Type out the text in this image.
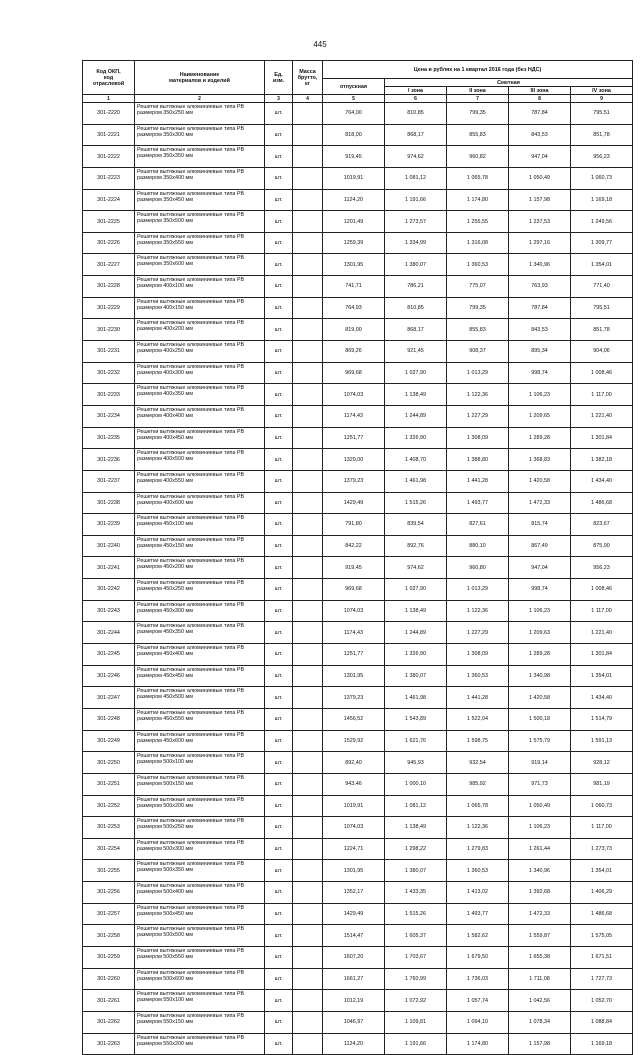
445
Код ОКП,
код
отраслевой	Наименование
материалов и изделий	Ед.
изм.	Масса
брутто,
кг	Цена в рублях на 1 квартал 2016 года (без НДС)				
				отпускная	Сметная			
					I зона	II зона	III зона	IV зона
1	2	3	4	5	6	7	8	9
301-2220	Решетки вытяжные алюминиевые типа РВ размером 350х250 мм	шт.		764,00	810,85	799,35	787,84	795,51
301-2221	Решетки вытяжные алюминиевые типа РВ размером 350х300 мм	шт.		818,00	868,17	855,83	843,53	851,78
301-2222	Решетки вытяжные алюминиевые типа РВ размером 350х350 мм	шт.		919,45	974,62	960,82	947,04	956,23
301-2223	Решетки вытяжные алюминиевые типа РВ размером 350х400 мм	шт.		1019,91	1 081,12	1 065,78	1 050,49	1 060,73
301-2224	Решетки вытяжные алюминиевые типа РВ размером 350х450 мм	шт.		1124,20	1 191,66	1 174,80	1 157,98	1 169,18
301-2225	Решетки вытяжные алюминиевые типа РВ размером 350х500 мм	шт.		1201,49	1 273,57	1 255,55	1 237,53	1 249,56
301-2226	Решетки вытяжные алюминиевые типа РВ размером 350х550 мм	шт.		1259,39	1 334,99	1 316,08	1 297,16	1 309,77
301-2227	Решетки вытяжные алюминиевые типа РВ размером 350х600 мм	шт.		1301,95	1 380,07	1 360,53	1 340,96	1 354,01
301-2228	Решетки вытяжные алюминиевые типа РВ размером 400х100 мм	шт.		741,71	786,21	775,07	763,93	771,40
301-2229	Решетки вытяжные алюминиевые типа РВ размером 400х150 мм	шт.		764,93	810,85	799,35	787,84	795,51
301-2230	Решетки вытяжные алюминиевые типа РВ размером 400х200 мм	шт.		819,00	868,17	855,83	843,53	851,78
301-2231	Решетки вытяжные алюминиевые типа РВ размером 400х250 мм	шт.		869,26	921,45	908,37	895,34	904,06
301-2232	Решетки вытяжные алюминиевые типа РВ размером 400х300 мм	шт.		969,68	1 027,90	1 013,29	998,74	1 008,46
301-2233	Решетки вытяжные алюминиевые типа РВ размером 400х350 мм	шт.		1074,03	1 138,49	1 122,36	1 106,23	1 117,00
301-2234	Решетки вытяжные алюминиевые типа РВ размером 400х400 мм	шт.		1174,43	1 244,89	1 227,29	1 209,65	1 221,40
301-2235	Решетки вытяжные алюминиевые типа РВ размером 400х450 мм	шт.		1251,77	1 326,90	1 308,09	1 289,28	1 301,84
301-2236	Решетки вытяжные алюминиевые типа РВ размером 400х500 мм	шт.		1329,00	1 408,70	1 388,80	1 368,83	1 382,18
301-2237	Решетки вытяжные алюминиевые типа РВ размером 400х550 мм	шт.		1379,23	1 461,98	1 441,28	1 420,58	1 434,40
301-2238	Решетки вытяжные алюминиевые типа РВ размером 400х600 мм	шт.		1429,49	1 515,26	1 493,77	1 472,33	1 486,68
301-2239	Решетки вытяжные алюминиевые типа РВ размером 450х100 мм	шт.		791,80	839,54	827,61	815,74	823,67
301-2240	Решетки вытяжные алюминиевые типа РВ размером 450х150 мм	шт.		842,22	892,76	880,10	867,49	875,90
301-2241	Решетки вытяжные алюминиевые типа РВ размером 450х200 мм	шт.		919,45	974,62	960,80	947,04	956,23
301-2242	Решетки вытяжные алюминиевые типа РВ размером 450х250 мм	шт.		969,68	1 027,90	1 013,29	998,74	1 008,46
301-2243	Решетки вытяжные алюминиевые типа РВ размером 450х300 мм	шт.		1074,03	1 138,49	1 122,36	1 106,23	1 117,00
301-2244	Решетки вытяжные алюминиевые типа РВ размером 450х350 мм	шт.		1174,43	1 244,89	1 227,29	1 209,63	1 221,40
301-2245	Решетки вытяжные алюминиевые типа РВ размером 450х400 мм	шт.		1251,77	1 326,90	1 308,09	1 289,28	1 301,84
301-2246	Решетки вытяжные алюминиевые типа РВ размером 450х450 мм	шт.		1301,95	1 380,07	1 360,53	1 340,98	1 354,01
301-2247	Решетки вытяжные алюминиевые типа РВ размером 450х500 мм	шт.		1379,23	1 461,98	1 441,28	1 420,58	1 434,40
301-2248	Решетки вытяжные алюминиевые типа РВ размером 450х550 мм	шт.		1456,52	1 543,89	1 522,04	1 500,18	1 514,79
301-2249	Решетки вытяжные алюминиевые типа РВ размером 450х600 мм	шт.		1529,92	1 621,76	1 598,75	1 575,79	1 591,13
301-2250	Решетки вытяжные алюминиевые типа РВ размером 500х100 мм	шт.		892,40	945,93	932,54	919,14	928,12
301-2251	Решетки вытяжные алюминиевые типа РВ размером 500х150 мм	шт.		943,46	1 000,10	985,92	971,73	981,19
301-2252	Решетки вытяжные алюминиевые типа РВ размером 500х200 мм	шт.		1019,91	1 081,12	1 065,78	1 050,49	1 060,73
301-2253	Решетки вытяжные алюминиевые типа РВ размером 500х250 мм	шт.		1074,03	1 138,49	1 122,36	1 106,23	1 117,00
301-2254	Решетки вытяжные алюминиевые типа РВ размером 500х300 мм	шт.		1224,71	1 298,22	1 279,83	1 261,44	1 273,73
301-2255	Решетки вытяжные алюминиевые типа РВ размером 500х350 мм	шт.		1301,95	1 380,07	1 360,53	1 340,96	1 354,01
301-2256	Решетки вытяжные алюминиевые типа РВ размером 500х400 мм	шт.		1352,17	1 433,35	1 413,02	1 392,68	1 406,29
301-2257	Решетки вытяжные алюминиевые типа РВ размером 500х450 мм	шт.		1429,49	1 515,26	1 493,77	1 472,33	1 486,68
301-2258	Решетки вытяжные алюминиевые типа РВ размером 500х500 мм	шт.		1514,47	1 605,37	1 582,62	1 559,87	1 575,05
301-2259	Решетки вытяжные алюминиевые типа РВ размером 500х550 мм	шт.		1607,20	1 703,67	1 679,50	1 655,38	1 671,51
301-2260	Решетки вытяжные алюминиевые типа РВ размером 500х600 мм	шт.		1661,27	1 760,99	1 736,03	1 711,08	1 727,73
301-2261	Решетки вытяжные алюминиевые типа РВ размером 550х100 мм	шт.		1012,19	1 072,92	1 057,74	1 042,56	1 052,70
301-2262	Решетки вытяжные алюминиевые типа РВ размером 550х150 мм	шт.		1046,97	1 109,81	1 094,10	1 078,34	1 088,84
301-2263	Решетки вытяжные алюминиевые типа РВ размером 550х200 мм	шт.		1124,20	1 191,66	1 174,80	1 157,98	1 169,18
